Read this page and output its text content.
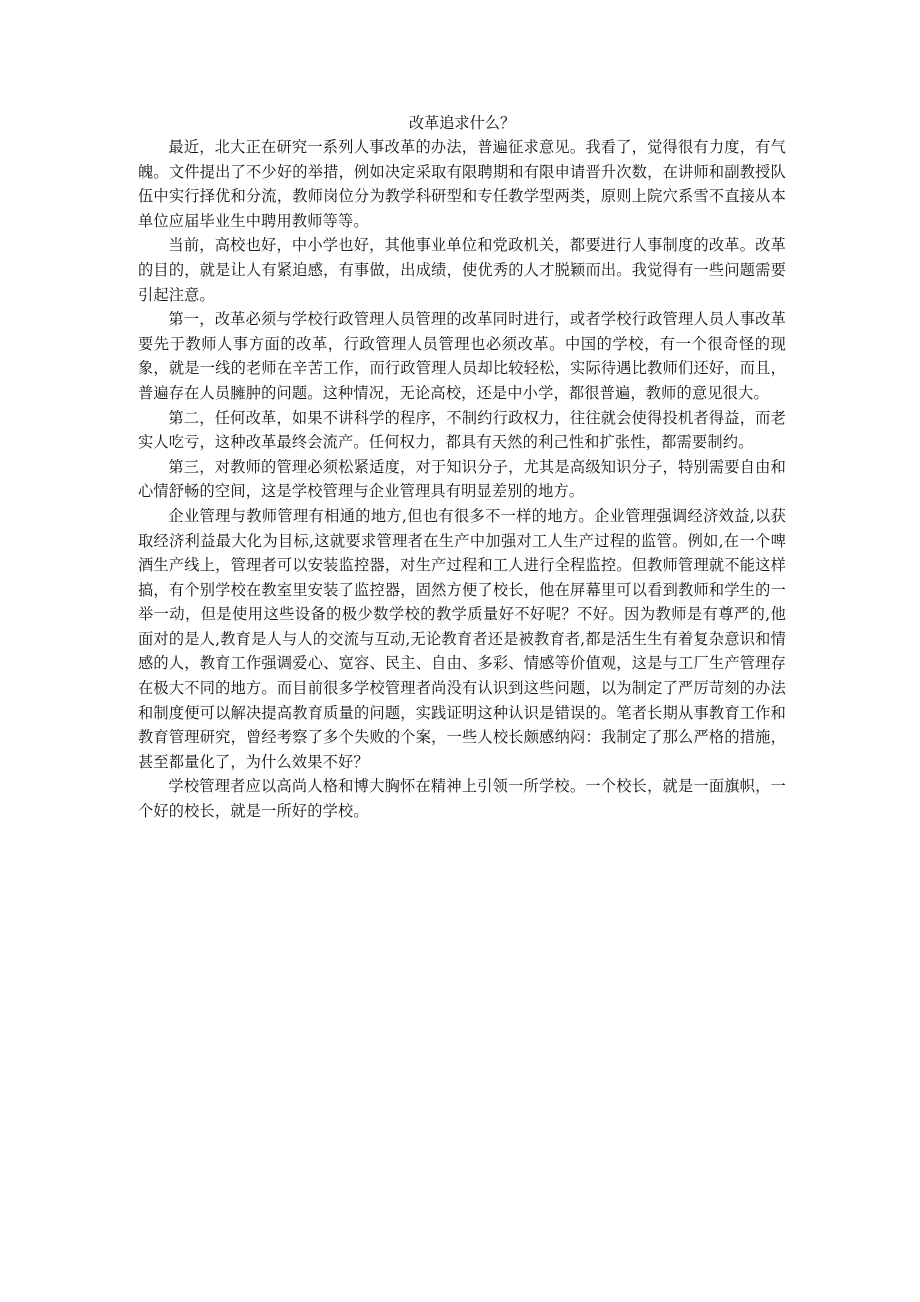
改革追求什么？

最近，北大正在研究一系列人事改革的办法，普遍征求意见。我看了，觉得很有力度，有气魄。文件提出了不少好的举措，例如决定采取有限聘期和有限申请晋升次数，在讲师和副教授队伍中实行择优和分流，教师岗位分为教学科研型和专任教学型两类，原则上院穴系雪不直接从本单位应届毕业生中聘用教师等等。

当前，高校也好，中小学也好，其他事业单位和党政机关，都要进行人事制度的改革。改革的目的，就是让人有紧迫感，有事做，出成绩，使优秀的人才脱颖而出。我觉得有一些问题需要引起注意。

第一，改革必须与学校行政管理人员管理的改革同时进行，或者学校行政管理人员人事改革要先于教师人事方面的改革，行政管理人员管理也必须改革。中国的学校，有一个很奇怪的现象，就是一线的老师在辛苦工作，而行政管理人员却比较轻松，实际待遇比教师们还好，而且，普遍存在人员臃肿的问题。这种情况，无论高校，还是中小学，都很普遍，教师的意见很大。

第二，任何改革，如果不讲科学的程序，不制约行政权力，往往就会使得投机者得益，而老实人吃亏，这种改革最终会流产。任何权力，都具有天然的利己性和扩张性，都需要制约。

第三，对教师的管理必须松紧适度，对于知识分子，尤其是高级知识分子，特别需要自由和心情舒畅的空间，这是学校管理与企业管理具有明显差别的地方。

企业管理与教师管理有相通的地方,但也有很多不一样的地方。企业管理强调经济效益,以获取经济利益最大化为目标,这就要求管理者在生产中加强对工人生产过程的监管。例如,在一个啤酒生产线上，管理者可以安装监控器，对生产过程和工人进行全程监控。但教师管理就不能这样搞，有个别学校在教室里安装了监控器，固然方便了校长，他在屏幕里可以看到教师和学生的一举一动，但是使用这些设备的极少数学校的教学质量好不好呢？不好。因为教师是有尊严的,他面对的是人,教育是人与人的交流与互动,无论教育者还是被教育者,都是活生生有着复杂意识和情感的人，教育工作强调爱心、宽容、民主、自由、多彩、情感等价值观，这是与工厂生产管理存在极大不同的地方。而目前很多学校管理者尚没有认识到这些问题，以为制定了严厉苛刻的办法和制度便可以解决提高教育质量的问题，实践证明这种认识是错误的。笔者长期从事教育工作和教育管理研究，曾经考察了多个失败的个案，一些人校长颇感纳闷：我制定了那么严格的措施，甚至都量化了，为什么效果不好？

学校管理者应以高尚人格和博大胸怀在精神上引领一所学校。一个校长，就是一面旗帜，一个好的校长，就是一所好的学校。
